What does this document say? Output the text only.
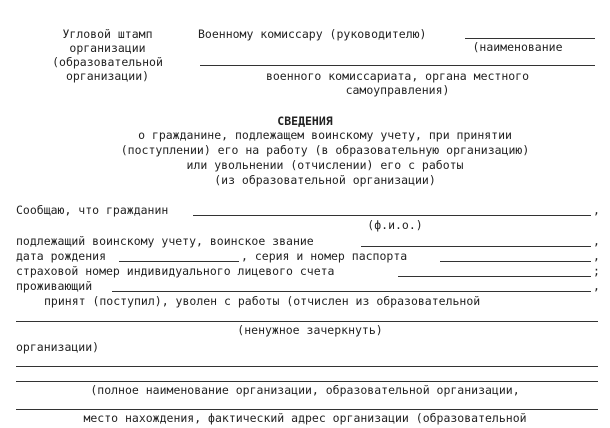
Угловой штамп
организации
(образовательной
организации)
Военному комиссару (руководителю)
(наименование
военного комиссариата, органа местного
самоуправления)
СВЕДЕНИЯ
о гражданине, подлежащем воинскому учету, при принятии
(поступлении) его на работу (в образовательную организацию)
или увольнении (отчислении) его с работы
(из образовательной организации)
Сообщаю, что гражданин	,
(ф.и.о.)
подлежащий воинскому учету, воинское звание	,
дата рождения	, серия и номер паспорта	,
страховой номер индивидуального лицевого счета	;
проживающий	,
принят (поступил), уволен с работы (отчислен из образовательной
(ненужное зачеркнуть)
организации)
(полное наименование организации, образовательной организации,
место нахождения, фактический адрес организации (образовательной
